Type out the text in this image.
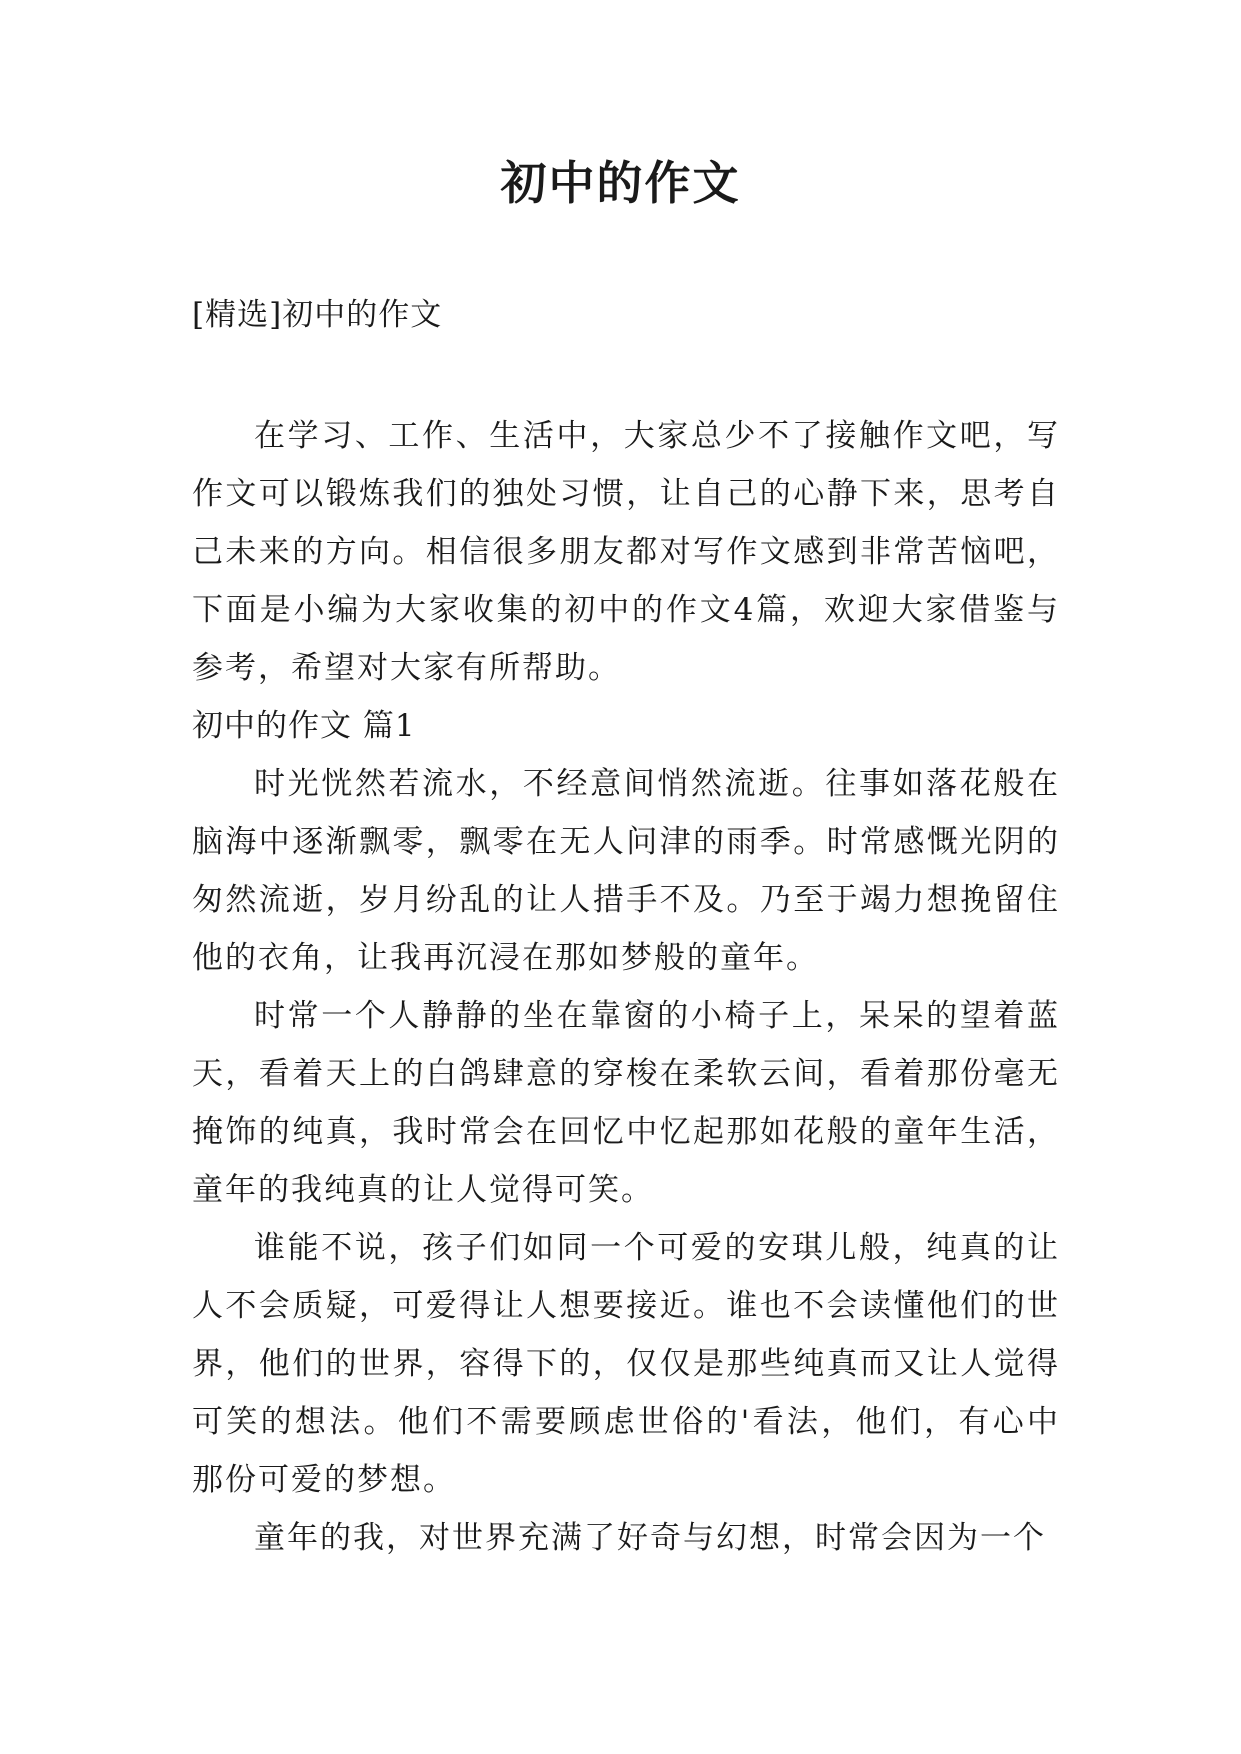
初中的作文

[精选]初中的作文

在学习、工作、生活中，大家总少不了接触作文吧，写作文可以锻炼我们的独处习惯，让自己的心静下来，思考自己未来的方向。相信很多朋友都对写作文感到非常苦恼吧，下面是小编为大家收集的初中的作文4篇，欢迎大家借鉴与参考，希望对大家有所帮助。

初中的作文 篇1

时光恍然若流水，不经意间悄然流逝。往事如落花般在脑海中逐渐飘零，飘零在无人问津的雨季。时常感慨光阴的匆然流逝，岁月纷乱的让人措手不及。乃至于竭力想挽留住他的衣角，让我再沉浸在那如梦般的童年。

时常一个人静静的坐在靠窗的小椅子上，呆呆的望着蓝天，看着天上的白鸽肆意的穿梭在柔软云间，看着那份毫无掩饰的纯真，我时常会在回忆中忆起那如花般的童年生活，童年的我纯真的让人觉得可笑。

谁能不说，孩子们如同一个可爱的安琪儿般，纯真的让人不会质疑，可爱得让人想要接近。谁也不会读懂他们的世界，他们的世界，容得下的，仅仅是那些纯真而又让人觉得可笑的想法。他们不需要顾虑世俗的'看法，他们，有心中那份可爱的梦想。

童年的我，对世界充满了好奇与幻想，时常会因为一个
